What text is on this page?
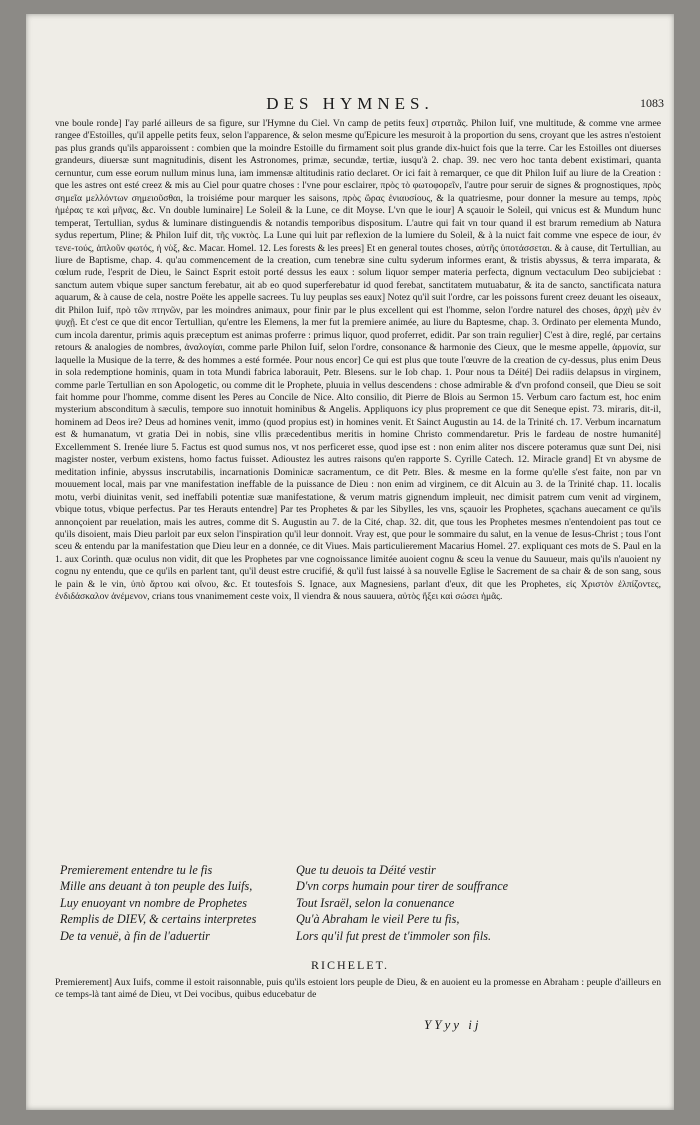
DES HYMNES.	1083

vne boule ronde] I'ay parlé ailleurs de sa figure, sur l'Hymne du Ciel. Vn camp de petits feux] στρατιᾶς. Philon Iuif, vne multitude, & comme vne armee rangee d'Estoilles, qu'il appelle petits feux, selon l'apparence, & selon mesme qu'Epicure les mesuroit à la proportion du sens, croyant que les astres n'estoient pas plus grands qu'ils apparoissent : combien que la moindre Estoille du firmament soit plus grande dix-huict fois que la terre. Car les Estoilles ont diuerses grandeurs, diuersæ sunt magnitudinis, disent les Astronomes, primæ, secundæ, tertiæ, iusqu'à 2. chap. 39. nec vero hoc tanta debent existimari, quanta cernuntur, cum esse eorum nullum minus luna, iam immensæ altitudinis ratio declaret. Or ici fait à remarquer, ce que dit Philon Iuif au liure de la Creation : que les astres ont esté creez & mis au Ciel pour quatre choses : l'vne pour esclairer, πρὸς τὸ φωτοφορεῖν, l'autre pour seruir de signes & prognostiques, πρὸς σημεῖα μελλόντων σημειοῦσθαι, la troisiéme pour marquer les saisons, πρὸς ὥρας ἐνιαυσίους, & la quatriesme, pour donner la mesure au temps, πρὸς ἡμέρας τε καὶ μῆνας, &c. Vn double luminaire] Le Soleil & la Lune, ce dit Moyse. L'vn que le iour] A sçauoir le Soleil, qui vnicus est & Mundum hunc temperat, Tertullian, sydus & luminare distinguendis & notandis temporibus dispositum. L'autre qui fait vn tour quand il est brarum remedium ab Natura sydus repertum, Pline; & Philon Iuif dit, τῆς νυκτὸς. La Lune qui luit par reflexion de la lumiere du Soleil, & à la nuict fait comme vne espece de iour, ἐν τενε-τούς, ἁπλοῦν φωτός, ἡ νὺξ, &c. Macar. Homel. 12. Les forests & les prees] Et en general toutes choses, αὐτῆς ὑποτάσσεται. & à cause, dit Tertullian, au liure de Baptisme, chap. 4. qu'au commencement de la creation, cum tenebræ sine cultu syderum informes erant, & tristis abyssus, & terra imparata, & cœlum rude, l'esprit de Dieu, le Sainct Esprit estoit porté dessus les eaux : solum liquor semper materia perfecta, dignum vectaculum Deo subijciebat : sanctum autem vbique super sanctum ferebatur, ait ab eo quod superferebatur id quod ferebat, sanctitatem mutuabatur, & ita de sancto, sanctificata natura aquarum, & à cause de cela, nostre Poëte les appelle sacrees. Tu luy peuplas ses eaux] Notez qu'il suit l'ordre, car les poissons furent creez deuant les oiseaux, dit Philon Iuif, πρὸ τῶν πτηνῶν, par les moindres animaux, pour finir par le plus excellent qui est l'homme, selon l'ordre naturel des choses, ἀρχὴ μὲν ἐν ψυχῇ. Et c'est ce que dit encor Tertullian, qu'entre les Elemens, la mer fut la premiere animée, au liure du Baptesme, chap. 3. Ordinato per elementa Mundo, cum incola darentur, primis aquis præceptum est animas proferre : primus liquor, quod proferret, edidit. Par son train regulier] C'est à dire, reglé, par certains retours & analogies de nombres, ἀναλογίαι, comme parle Philon Iuif, selon l'ordre, consonance & harmonie des Cieux, que le mesme appelle, ἁρμονία, sur laquelle la Musique de la terre, & des hommes a esté formée. Pour nous encor] Ce qui est plus que toute l'œuvre de la creation de cy-dessus, plus enim Deus in sola redemptione hominis, quam in tota Mundi fabrica laborauit, Petr. Blesens. sur le Iob chap. 1. Pour nous ta Déité] Dei radiis delapsus in virginem, comme parle Tertullian en son Apologetic, ou comme dit le Prophete, pluuia in vellus descendens : chose admirable & d'vn profond conseil, que Dieu se soit fait homme pour l'homme, comme disent les Peres au Concile de Nice. Alto consilio, dit Pierre de Blois au Sermon 15. Verbum caro factum est, hoc enim mysterium absconditum à sæculis, tempore suo innotuit hominibus & Angelis. Appliquons icy plus proprement ce que dit Seneque epist. 73. miraris, dit-il, hominem ad Deos ire? Deus ad homines venit, immo (quod propius est) in homines venit. Et Sainct Augustin au 14. de la Trinité ch. 17. Verbum incarnatum est & humanatum, vt gratia Dei in nobis, sine vllis præcedentibus meritis in homine Christo commendaretur. Pris le fardeau de nostre humanité] Excellemment S. Irenée liure 5. Factus est quod sumus nos, vt nos perficeret esse, quod ipse est : non enim aliter nos discere poteramus quæ sunt Dei, nisi magister noster, verbum existens, homo factus fuisset. Adioustez les autres raisons qu'en rapporte S. Cyrille Catech. 12. Miracle grand] Et vn abysme de meditation infinie, abyssus inscrutabilis, incarnationis Dominicæ sacramentum, ce dit Petr. Bles. & mesme en la forme qu'elle s'est faite, non par vn mouuement local, mais par vne manifestation ineffable de la puissance de Dieu : non enim ad virginem, ce dit Alcuin au 3. de la Trinité chap. 11. localis motu, verbi diuinitas venit, sed ineffabili potentiæ suæ manifestatione, & verum matris gignendum impleuit, nec dimisit patrem cum venit ad virginem, vbique totus, vbique perfectus. Par tes Herauts entendre] Par tes Prophetes & par les Sibylles, les vns, sçauoir les Prophetes, sçachans auecament ce qu'ils annonçoient par reuelation, mais les autres, comme dit S. Augustin au 7. de la Cité, chap. 32. dit, que tous les Prophetes mesmes n'entendoient pas tout ce qu'ils disoient, mais Dieu parloit par eux selon l'inspiration qu'il leur donnoit. Vray est, que pour le sommaire du salut, en la venue de Iesus-Christ ; tous l'ont sceu & entendu par la manifestation que Dieu leur en a donnée, ce dit Viues. Mais particulierement Macarius Homel. 27. expliquant ces mots de S. Paul en la 1. aux Corinth. quæ oculus non vidit, dit que les Prophetes par vne cognoissance limitée auoient cognu & sceu la venue du Sauueur, mais qu'ils n'auoient ny cognu ny entendu, que ce qu'ils en parlent tant, qu'il deust estre crucifié, & qu'il fust laissé à sa nouvelle Eglise le Sacrement de sa chair & de son sang, sous le pain & le vin, ὑπὸ ἄρτου καὶ οἴνου, &c. Et toutesfois S. Ignace, aux Magnesiens, parlant d'eux, dit que les Prophetes, εἰς Χριστὸν ἐλπίζοντες, ἐνδιδάσκαλον ἀνέμενον, crians tous vnanimement ceste voix, Il viendra & nous sauuera, αὐτὸς ἥξει καὶ σώσει ἡμᾶς.

Premierement entendre tu le fis
Mille ans deuant à ton peuple des Iuifs,
Luy enuoyant vn nombre de Prophetes
Remplis de DIEV, & certains interpretes
De ta venuë, à fin de l'aduertir
Que tu deuois ta Déité vestir
D'vn corps humain pour tirer de souffrance
Tout Israël, selon la conuenance
Qu'à Abraham le vieil Pere tu fis,
Lors qu'il fut prest de t'immoler son fils.
RICHELET.
Premierement] Aux Iuifs, comme il estoit raisonnable, puis qu'ils estoient lors peuple de Dieu, & en auoient eu la promesse en Abraham : peuple d'ailleurs en ce temps-là tant aimé de Dieu, vt Dei vocibus, quibus educebatur de
YYyy ij
